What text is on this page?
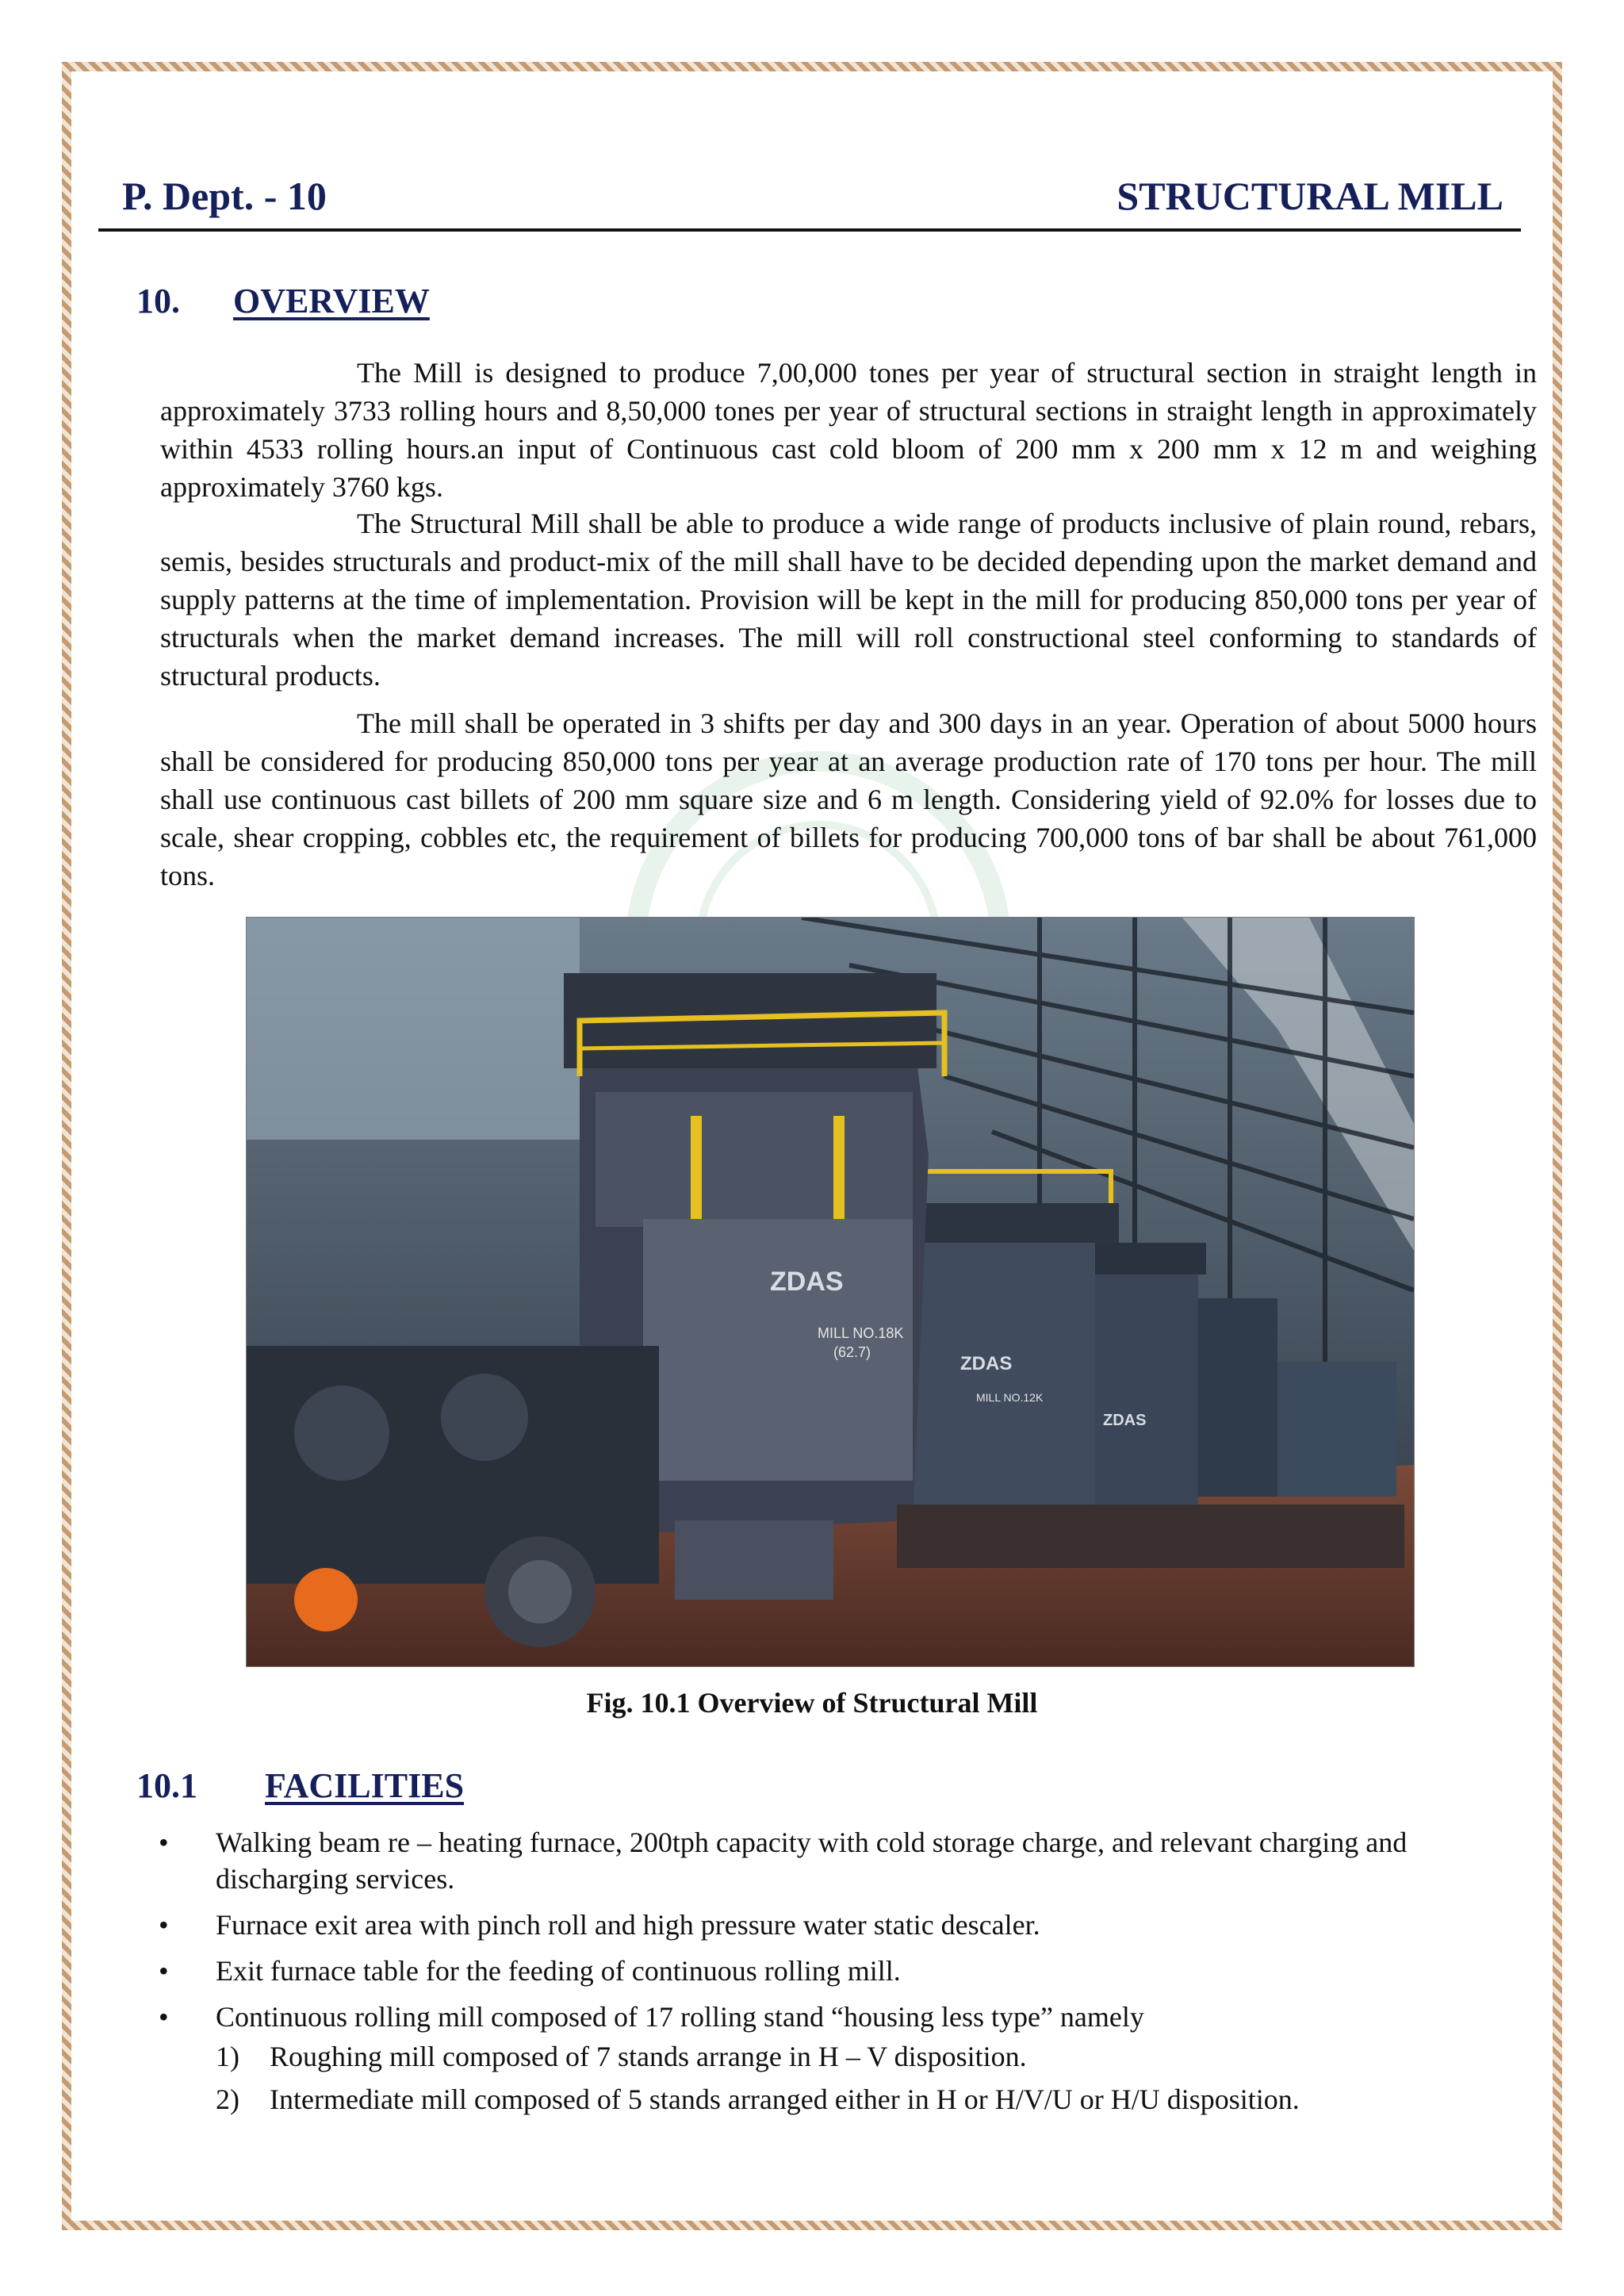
P. Dept. - 10	STRUCTURAL MILL
10. OVERVIEW

The Mill is designed to produce 7,00,000 tones per year of structural section in straight length in approximately 3733 rolling hours and 8,50,000 tones per year of structural sections in straight length in approximately within 4533 rolling hours.an input of Continuous cast cold bloom of 200 mm x 200 mm x 12 m and weighing approximately 3760 kgs.

The Structural Mill shall be able to produce a wide range of products inclusive of plain round, rebars, semis, besides structurals and product-mix of the mill shall have to be decided depending upon the market demand and supply patterns at the time of implementation. Provision will be kept in the mill for producing 850,000 tons per year of structurals when the market demand increases. The mill will roll constructional steel conforming to standards of structural products.

The mill shall be operated in 3 shifts per day and 300 days in an year. Operation of about 5000 hours shall be considered for producing 850,000 tons per year at an average production rate of 170 tons per hour. The mill shall use continuous cast billets of 200 mm square size and 6 m length. Considering yield of 92.0% for losses due to scale, shear cropping, cobbles etc, the requirement of billets for producing 700,000 tons of bar shall be about 761,000 tons.

ZDAS
MILL NO.18K
(62.7)
ZDAS
MILL NO.12K
ZDAS
Fig. 10.1 Overview of Structural Mill
10.1 FACILITIES
• Walking beam re – heating furnace, 200tph capacity with cold storage charge, and relevant charging and discharging services.
• Furnace exit area with pinch roll and high pressure water static descaler.
• Exit furnace table for the feeding of continuous rolling mill.
• Continuous rolling mill composed of 17 rolling stand “housing less type” namely
1) Roughing mill composed of 7 stands arrange in H – V disposition.
2) Intermediate mill composed of 5 stands arranged either in H or H/V/U or H/U disposition.
